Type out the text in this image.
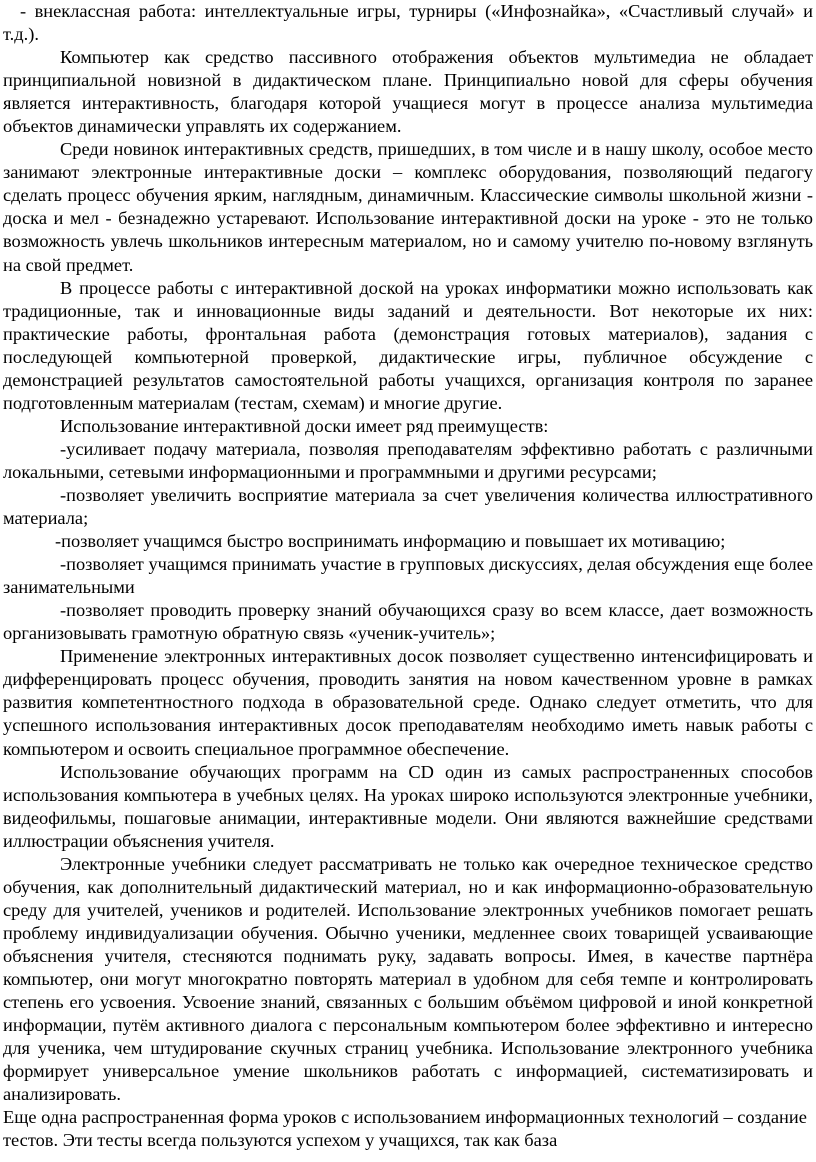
- внеклассная работа: интеллектуальные игры, турниры («Инфознайка», «Счастливый случай» и т.д.).

Компьютер как средство пассивного отображения объектов мультимедиа не обладает принципиальной новизной в дидактическом плане. Принципиально новой для сферы обучения является интерактивность, благодаря которой учащиеся могут в процессе анализа мультимедиа объектов динамически управлять их содержанием.

Среди новинок интерактивных средств, пришедших, в том числе и в нашу школу, особое место занимают электронные интерактивные доски – комплекс оборудования, позволяющий педагогу сделать процесс обучения ярким, наглядным, динамичным. Классические символы школьной жизни - доска и мел - безнадежно устаревают. Использование интерактивной доски на уроке - это не только возможность увлечь школьников интересным материалом, но и самому учителю по-новому взглянуть на свой предмет.

В процессе работы с интерактивной доской на уроках информатики можно использовать как традиционные, так и инновационные виды заданий и деятельности. Вот некоторые их них: практические работы, фронтальная работа (демонстрация готовых материалов), задания с последующей компьютерной проверкой, дидактические игры, публичное обсуждение с демонстрацией результатов самостоятельной работы учащихся, организация контроля по заранее подготовленным материалам (тестам, схемам) и многие другие.

Использование интерактивной доски имеет ряд преимуществ:

-усиливает подачу материала, позволяя преподавателям эффективно работать с различными локальными, сетевыми информационными и программными и другими ресурсами;

-позволяет увеличить восприятие материала за счет увеличения количества иллюстративного материала;

-позволяет учащимся быстро воспринимать информацию и повышает их мотивацию;

-позволяет учащимся принимать участие в групповых дискуссиях, делая обсуждения еще более занимательными

-позволяет проводить проверку знаний обучающихся сразу во всем классе, дает возможность организовывать грамотную обратную связь «ученик-учитель»;

Применение электронных интерактивных досок позволяет существенно интенсифицировать и дифференцировать процесс обучения, проводить занятия на новом качественном уровне в рамках развития компетентностного подхода в образовательной среде. Однако следует отметить, что для успешного использования интерактивных досок преподавателям необходимо иметь навык работы с компьютером и освоить специальное программное обеспечение.

Использование обучающих программ на CD один из самых распространенных способов использования компьютера в учебных целях. На уроках широко используются электронные учебники, видеофильмы, пошаговые анимации, интерактивные модели. Они являются важнейшие средствами иллюстрации объяснения учителя.

Электронные учебники следует рассматривать не только как очередное техническое средство обучения, как дополнительный дидактический материал, но и как информационно-образовательную среду для учителей, учеников и родителей. Использование электронных учебников помогает решать проблему индивидуализации обучения. Обычно ученики, медленнее своих товарищей усваивающие объяснения учителя, стесняются поднимать руку, задавать вопросы. Имея, в качестве партнёра компьютер, они могут многократно повторять материал в удобном для себя темпе и контролировать степень его усвоения. Усвоение знаний, связанных с большим объёмом цифровой и иной конкретной информации, путём активного диалога с персональным компьютером более эффективно и интересно для ученика, чем штудирование скучных страниц учебника. Использование электронного учебника формирует универсальное умение школьников работать с информацией, систематизировать и анализировать.

Еще одна распространенная форма уроков с использованием информационных технологий – создание тестов. Эти тесты всегда пользуются успехом у учащихся, так как база
